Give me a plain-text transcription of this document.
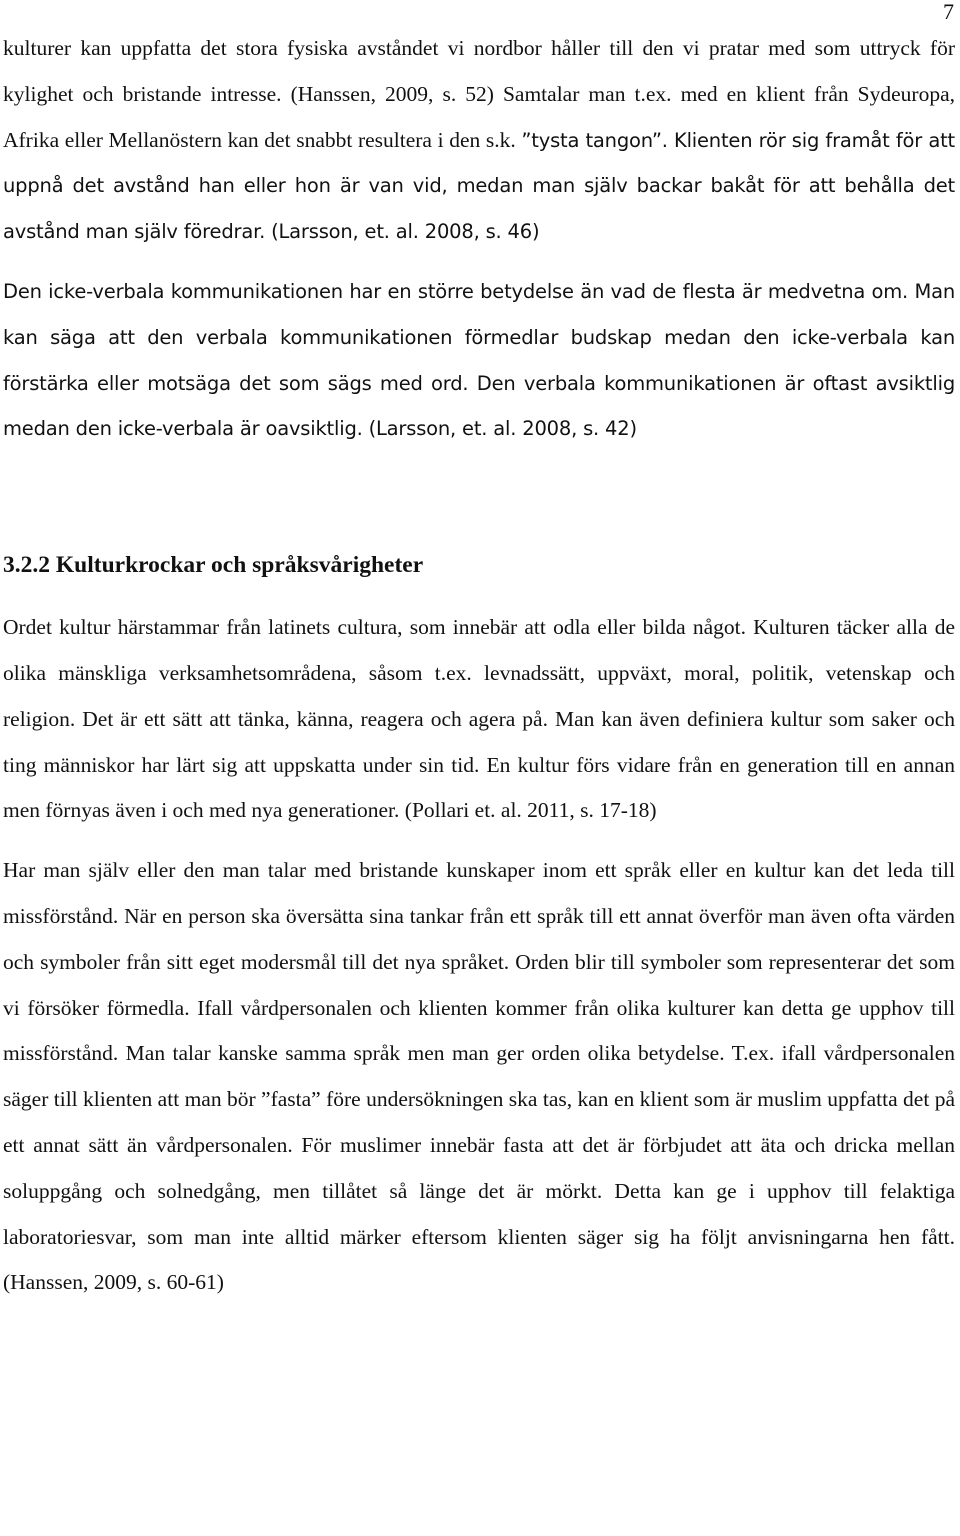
7

kulturer kan uppfatta det stora fysiska avståndet vi nordbor håller till den vi pratar med som uttryck för kylighet och bristande intresse. (Hanssen, 2009, s. 52) Samtalar man t.ex. med en klient från Sydeuropa, Afrika eller Mellanöstern kan det snabbt resultera i den s.k. ”tysta tangon”. Klienten rör sig framåt för att uppnå det avstånd han eller hon är van vid, medan man själv backar bakåt för att behålla det avstånd man själv föredrar. (Larsson, et. al. 2008, s. 46)

Den icke-verbala kommunikationen har en större betydelse än vad de flesta är medvetna om. Man kan säga att den verbala kommunikationen förmedlar budskap medan den icke-verbala kan förstärka eller motsäga det som sägs med ord. Den verbala kommunikationen är oftast avsiktlig medan den icke-verbala är oavsiktlig. (Larsson, et. al. 2008, s. 42)

3.2.2 Kulturkrockar och språksvårigheter

Ordet kultur härstammar från latinets cultura, som innebär att odla eller bilda något. Kulturen täcker alla de olika mänskliga verksamhetsområdena, såsom t.ex. levnadssätt, uppväxt, moral, politik, vetenskap och religion. Det är ett sätt att tänka, känna, reagera och agera på. Man kan även definiera kultur som saker och ting människor har lärt sig att uppskatta under sin tid. En kultur förs vidare från en generation till en annan men förnyas även i och med nya generationer. (Pollari et. al. 2011, s. 17-18)

Har man själv eller den man talar med bristande kunskaper inom ett språk eller en kultur kan det leda till missförstånd. När en person ska översätta sina tankar från ett språk till ett annat överför man även ofta värden och symboler från sitt eget modersmål till det nya språket. Orden blir till symboler som representerar det som vi försöker förmedla. Ifall vårdpersonalen och klienten kommer från olika kulturer kan detta ge upphov till missförstånd. Man talar kanske samma språk men man ger orden olika betydelse. T.ex. ifall vårdpersonalen säger till klienten att man bör ”fasta” före undersökningen ska tas, kan en klient som är muslim uppfatta det på ett annat sätt än vårdpersonalen. För muslimer innebär fasta att det är förbjudet att äta och dricka mellan soluppgång och solnedgång, men tillåtet så länge det är mörkt. Detta kan ge i upphov till felaktiga laboratoriesvar, som man inte alltid märker eftersom klienten säger sig ha följt anvisningarna hen fått. (Hanssen, 2009, s. 60-61)
